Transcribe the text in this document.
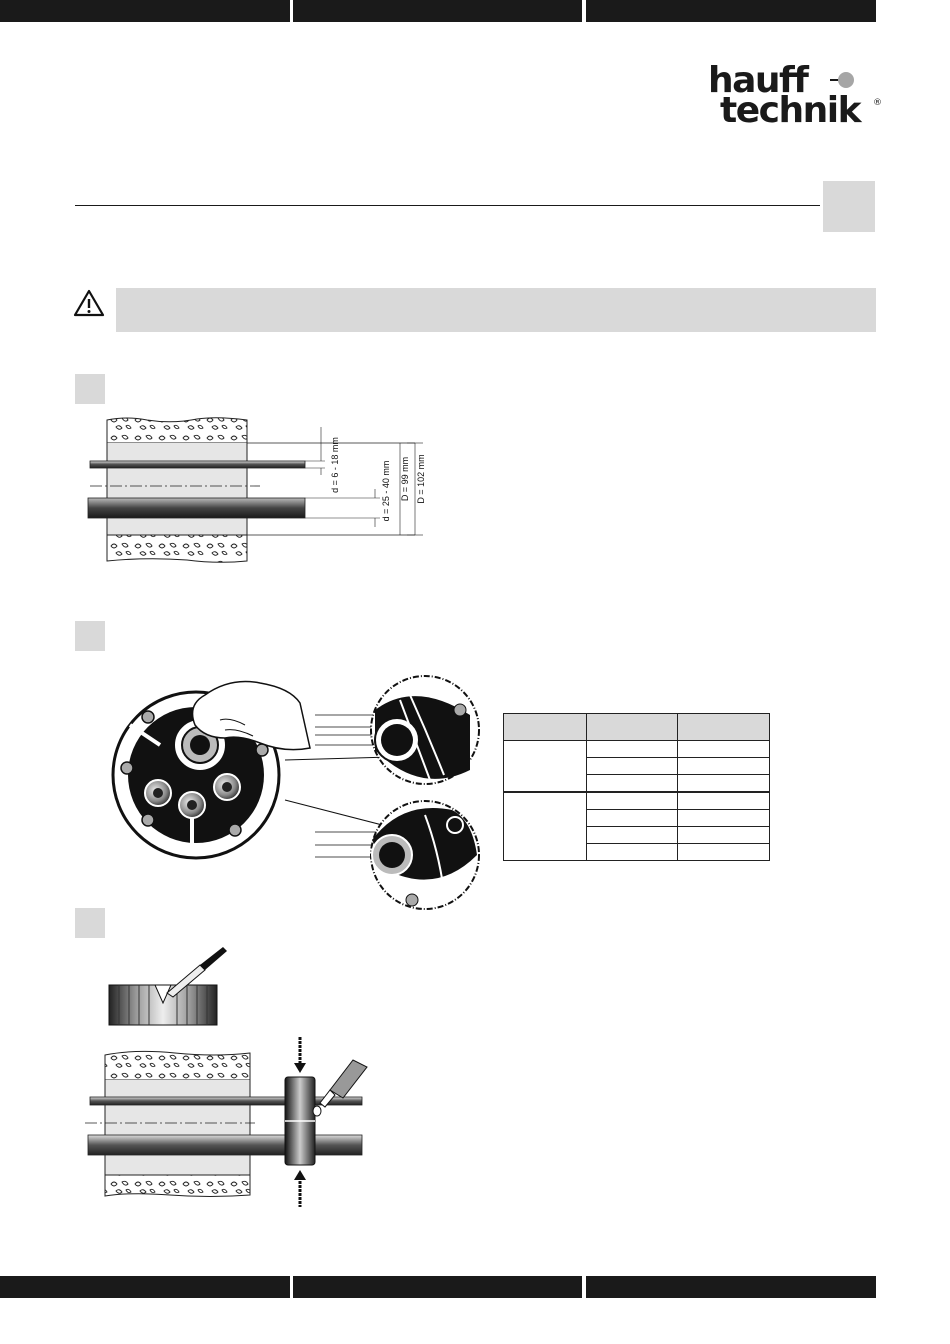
hauff
technik ®
d = 6 - 18 mm	d = 25 - 40 mm D = 99 mm D = 102 mm
